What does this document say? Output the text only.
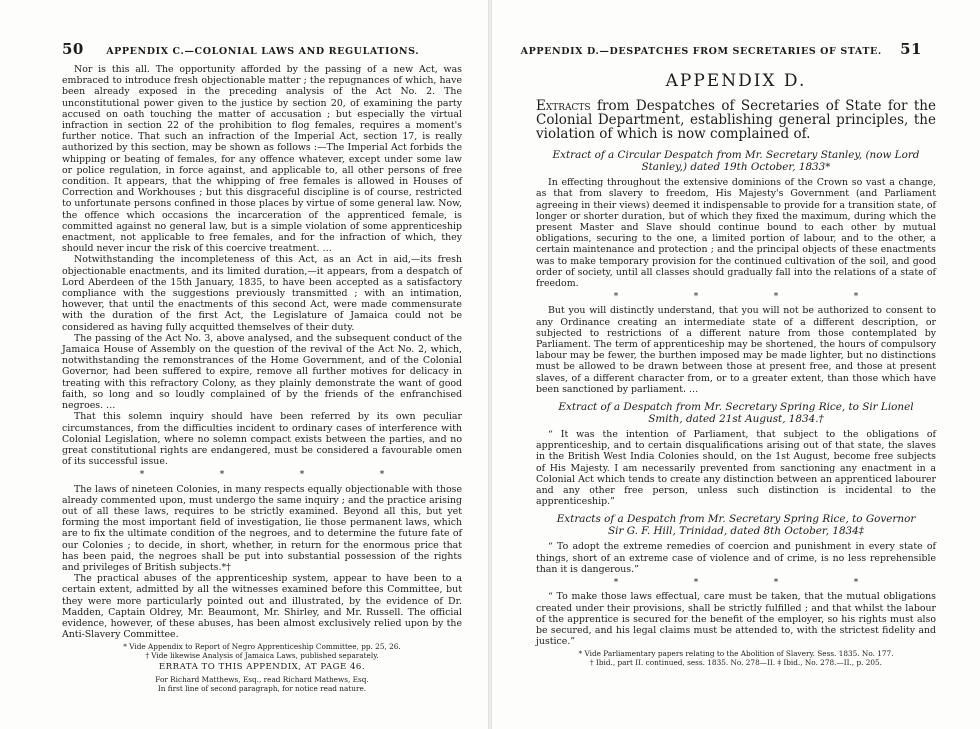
50 APPENDIX C.—COLONIAL LAWS AND REGULATIONS.

Nor is this all. The opportunity afforded by the passing of a new Act, was embraced to introduce fresh objectionable matter ; the repugnances of which, have been already exposed in the preceding analysis of the Act No. 2. The unconstitutional power given to the justice by section 20, of examining the party accused on oath touching the matter of accusation ; but especially the virtual infraction in section 22 of the prohibition to flog females, requires a moment's further notice. That such an infraction of the Imperial Act, section 17, is really authorized by this section, may be shown as follows :—The Imperial Act forbids the whipping or beating of females, for any offence whatever, except under some law or police regulation, in force against, and applicable to, all other persons of free condition. It appears, that the whipping of free females is allowed in Houses of Correction and Workhouses ; but this disgraceful discipline is of course, restricted to unfortunate persons confined in those places by virtue of some general law. Now, the offence which occasions the incarceration of the apprenticed female, is committed against no general law, but is a simple violation of some apprenticeship enactment, not applicable to free females, and for the infraction of which, they should never incur the risk of this coercive treatment. …

Notwithstanding the incompleteness of this Act, as an Act in aid,—its fresh objectionable enactments, and its limited duration,—it appears, from a despatch of Lord Aberdeen of the 15th January, 1835, to have been accepted as a satisfactory compliance with the suggestions previously transmitted ; with an intimation, however, that until the enactments of this second Act, were made commensurate with the duration of the first Act, the Legislature of Jamaica could not be considered as having fully acquitted themselves of their duty.

The passing of the Act No. 3, above analysed, and the subsequent conduct of the Jamaica House of Assembly on the question of the revival of the Act No. 2, which, notwithstanding the remonstrances of the Home Government, and of the Colonial Governor, had been suffered to expire, remove all further motives for delicacy in treating with this refractory Colony, as they plainly demonstrate the want of good faith, so long and so loudly complained of by the friends of the enfranchised negroes. …

That this solemn inquiry should have been referred by its own peculiar circumstances, from the difficulties incident to ordinary cases of interference with Colonial Legislation, where no solemn compact exists between the parties, and no great constitutional rights are endangered, must be considered a favourable omen of its successful issue.

*	*	*	*

The laws of nineteen Colonies, in many respects equally objectionable with those already commented upon, must undergo the same inquiry ; and the practice arising out of all these laws, requires to be strictly examined. Beyond all this, but yet forming the most important field of investigation, lie those permanent laws, which are to fix the ultimate condition of the negroes, and to determine the future fate of our Colonies ; to decide, in short, whether, in return for the enormous price that has been paid, the negroes shall be put into substantial possession of the rights and privileges of British subjects.*†

The practical abuses of the apprenticeship system, appear to have been to a certain extent, admitted by all the witnesses examined before this Committee, but they were more particularly pointed out and illustrated, by the evidence of Dr. Madden, Captain Oldrey, Mr. Beaumont, Mr. Shirley, and Mr. Russell. The official evidence, however, of these abuses, has been almost exclusively relied upon by the Anti-Slavery Committee.

* Vide Appendix to Report of Negro Apprenticeship Committee, pp. 25, 26.
† Vide likewise Analysis of Jamaica Laws, published separately.
ERRATA TO THIS APPENDIX, AT PAGE 46.
For Richard Matthews, Esq., read Richard Mathews, Esq.
In first line of second paragraph, for notice read nature.
APPENDIX D.—DESPATCHES FROM SECRETARIES OF STATE. 51
APPENDIX D.
Extracts from Despatches of Secretaries of State for the Colonial Department, establishing general principles, the violation of which is now complained of.
Extract of a Circular Despatch from Mr. Secretary Stanley, (now Lord Stanley,) dated 19th October, 1833*

In effecting throughout the extensive dominions of the Crown so vast a change, as that from slavery to freedom, His Majesty's Government (and Parliament agreeing in their views) deemed it indispensable to provide for a transition state, of longer or shorter duration, but of which they fixed the maximum, during which the present Master and Slave should continue bound to each other by mutual obligations, securing to the one, a limited portion of labour, and to the other, a certain maintenance and protection ; and the principal objects of these enactments was to make temporary provision for the continued cultivation of the soil, and good order of society, until all classes should gradually fall into the relations of a state of freedom.

*	*	*	*

But you will distinctly understand, that you will not be authorized to consent to any Ordinance creating an intermediate state of a different description, or subjected to restrictions of a different nature from those contemplated by Parliament. The term of apprenticeship may be shortened, the hours of compulsory labour may be fewer, the burthen imposed may be made lighter, but no distinctions must be allowed to be drawn between those at present free, and those at present slaves, of a different character from, or to a greater extent, than those which have been sanctioned by parliament. …

Extract of a Despatch from Mr. Secretary Spring Rice, to Sir Lionel Smith, dated 21st August, 1834.†

“ It was the intention of Parliament, that subject to the obligations of apprenticeship, and to certain disqualifications arising out of that state, the slaves in the British West India Colonies should, on the 1st August, become free subjects of His Majesty. I am necessarily prevented from sanctioning any enactment in a Colonial Act which tends to create any distinction between an apprenticed labourer and any other free person, unless such distinction is incidental to the apprenticeship.”

Extracts of a Despatch from Mr. Secretary Spring Rice, to Governor Sir G. F. Hill, Trinidad, dated 8th October, 1834‡

“ To adopt the extreme remedies of coercion and punishment in every state of things, short of an extreme case of violence and of crime, is no less reprehensible than it is dangerous.”

*	*	*	*

“ To make those laws effectual, care must be taken, that the mutual obligations created under their provisions, shall be strictly fulfilled ; and that whilst the labour of the apprentice is secured for the benefit of the employer, so his rights must also be secured, and his legal claims must be attended to, with the strictest fidelity and justice.”

* Vide Parliamentary papers relating to the Abolition of Slavery. Sess. 1835. No. 177.
† Ibid., part II. continued, sess. 1835. No. 278—II. ‡ Ibid., No. 278.—II., p. 205.
